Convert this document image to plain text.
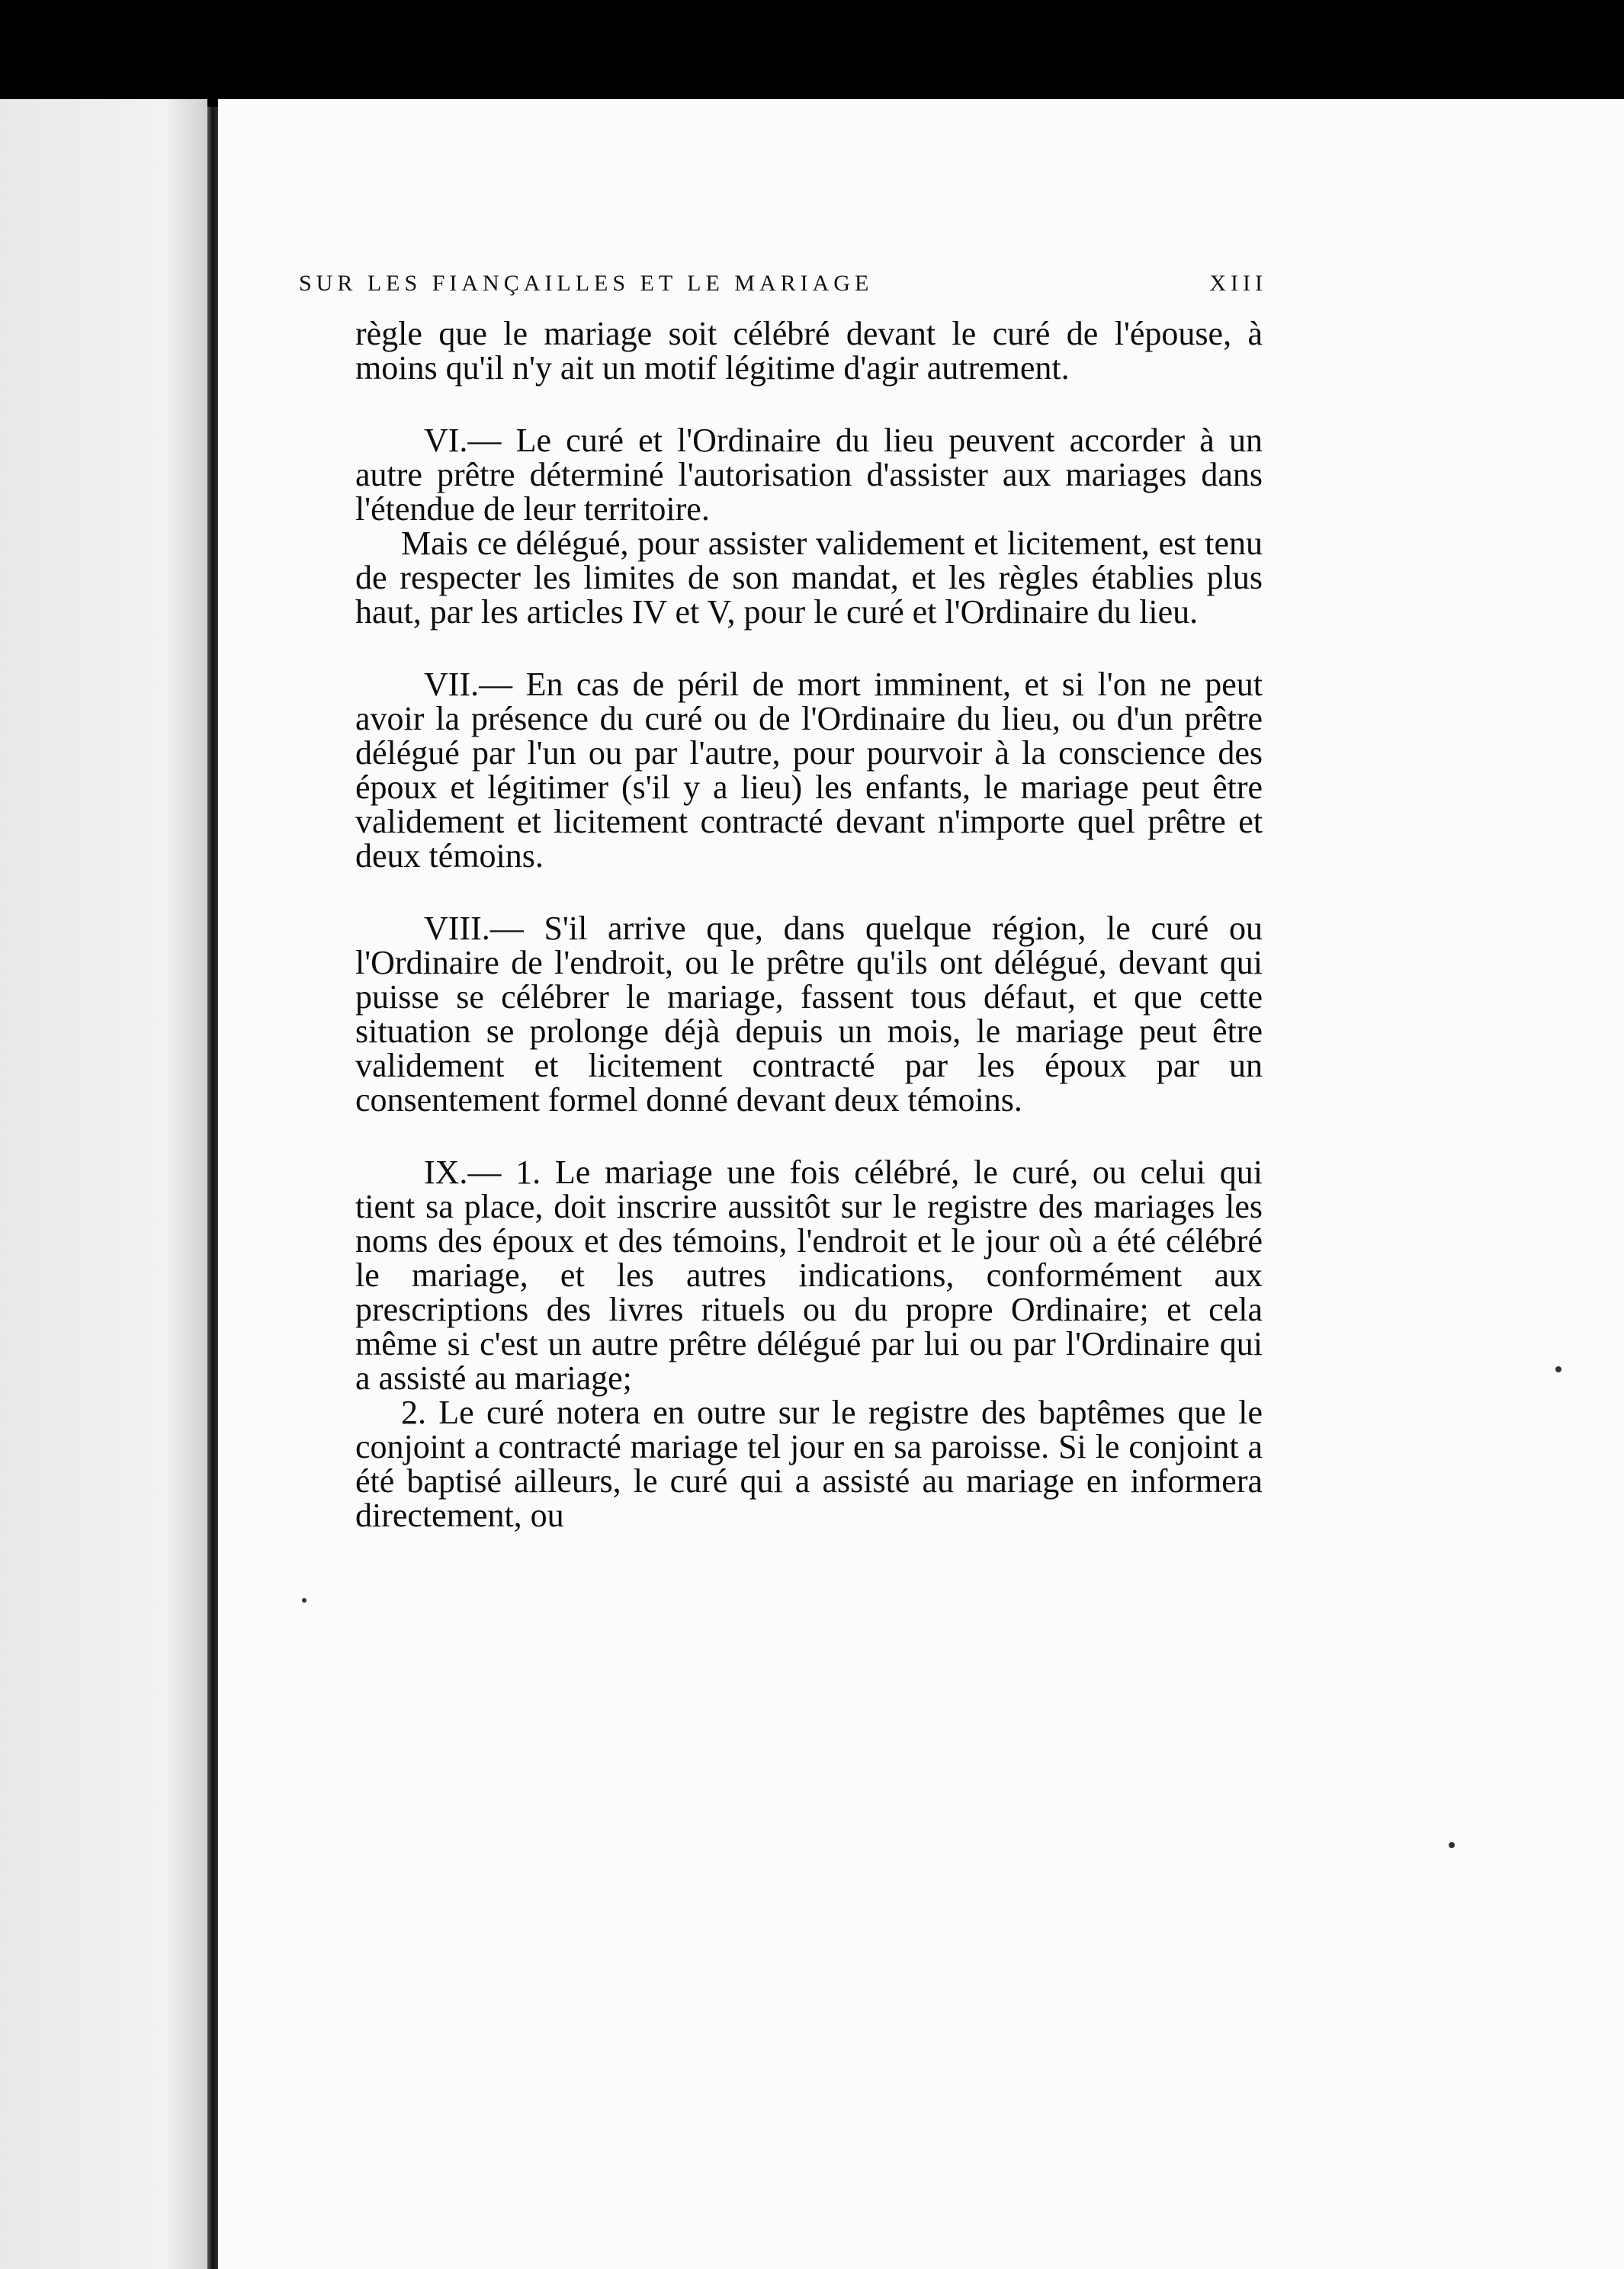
SUR LES FIANÇAILLES ET LE MARIAGE	XIII

règle que le mariage soit célébré devant le curé de l'épouse, à moins qu'il n'y ait un motif légitime d'agir autrement.

VI.— Le curé et l'Ordinaire du lieu peuvent accorder à un autre prêtre déterminé l'autorisation d'assister aux mariages dans l'étendue de leur territoire.

Mais ce délégué, pour assister validement et licitement, est tenu de respecter les limites de son mandat, et les règles établies plus haut, par les articles IV et V, pour le curé et l'Ordinaire du lieu.

VII.— En cas de péril de mort imminent, et si l'on ne peut avoir la présence du curé ou de l'Ordinaire du lieu, ou d'un prêtre délégué par l'un ou par l'autre, pour pourvoir à la conscience des époux et légitimer (s'il y a lieu) les enfants, le mariage peut être validement et licitement contracté devant n'importe quel prêtre et deux témoins.

VIII.— S'il arrive que, dans quelque région, le curé ou l'Ordinaire de l'endroit, ou le prêtre qu'ils ont délégué, devant qui puisse se célébrer le mariage, fassent tous défaut, et que cette situation se prolonge déjà depuis un mois, le mariage peut être validement et licitement contracté par les époux par un consentement formel donné devant deux témoins.

IX.— 1. Le mariage une fois célébré, le curé, ou celui qui tient sa place, doit inscrire aussitôt sur le registre des mariages les noms des époux et des témoins, l'endroit et le jour où a été célébré le mariage, et les autres indications, conformément aux prescriptions des livres rituels ou du propre Ordinaire; et cela même si c'est un autre prêtre délégué par lui ou par l'Ordinaire qui a assisté au mariage;

2. Le curé notera en outre sur le registre des baptêmes que le conjoint a contracté mariage tel jour en sa paroisse. Si le conjoint a été baptisé ailleurs, le curé qui a assisté au mariage en informera directement, ou
